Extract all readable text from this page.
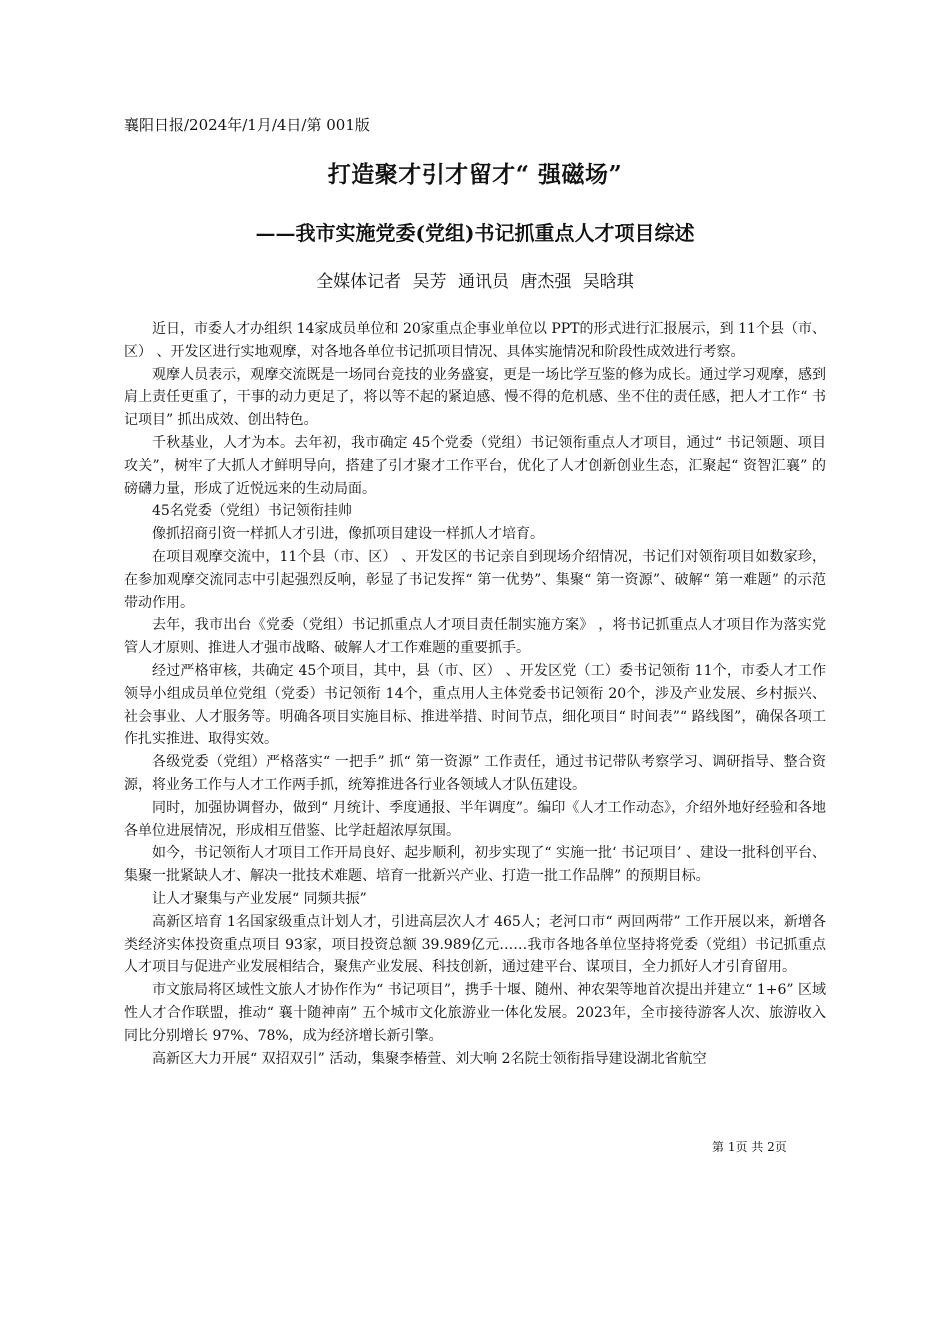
襄阳日报/2024年/1月/4日/第 001版
打造聚才引才留才“ 强磁场”
——我市实施党委(党组)书记抓重点人才项目综述
全媒体记者 吴芳 通讯员 唐杰强 吴晗琪

近日，市委人才办组织 14家成员单位和 20家重点企事业单位以 PPT的形式进行汇报展示，到 11个县（市、区） 、开发区进行实地观摩，对各地各单位书记抓项目情况、具体实施情况和阶段性成效进行考察。

观摩人员表示，观摩交流既是一场同台竞技的业务盛宴，更是一场比学互鉴的修为成长。通过学习观摩，感到肩上责任更重了，干事的动力更足了，将以等不起的紧迫感、慢不得的危机感、坐不住的责任感，把人才工作“ 书记项目” 抓出成效、创出特色。

千秋基业，人才为本。去年初，我市确定 45个党委（党组）书记领衔重点人才项目，通过“ 书记领题、项目攻关”，树牢了大抓人才鲜明导向，搭建了引才聚才工作平台，优化了人才创新创业生态，汇聚起“ 资智汇襄” 的磅礴力量，形成了近悦远来的生动局面。

45名党委（党组）书记领衔挂帅

像抓招商引资一样抓人才引进，像抓项目建设一样抓人才培育。

在项目观摩交流中，11个县（市、区） 、开发区的书记亲自到现场介绍情况，书记们对领衔项目如数家珍，在参加观摩交流同志中引起强烈反响，彰显了书记发挥“ 第一优势”、集聚“ 第一资源”、破解“ 第一难题” 的示范带动作用。

去年，我市出台《党委（党组）书记抓重点人才项目责任制实施方案》 ，将书记抓重点人才项目作为落实党管人才原则、推进人才强市战略、破解人才工作难题的重要抓手。

经过严格审核，共确定 45个项目，其中，县（市、区） 、开发区党（工）委书记领衔 11个，市委人才工作领导小组成员单位党组（党委）书记领衔 14个，重点用人主体党委书记领衔 20个，涉及产业发展、乡村振兴、社会事业、人才服务等。明确各项目实施目标、推进举措、时间节点，细化项目“ 时间表”“ 路线图”，确保各项工作扎实推进、取得实效。

各级党委（党组）严格落实“ 一把手” 抓“ 第一资源” 工作责任，通过书记带队考察学习、调研指导、整合资源，将业务工作与人才工作两手抓，统筹推进各行业各领域人才队伍建设。

同时，加强协调督办，做到“ 月统计、季度通报、半年调度”。编印《人才工作动态》，介绍外地好经验和各地各单位进展情况，形成相互借鉴、比学赶超浓厚氛围。

如今，书记领衔人才项目工作开局良好、起步顺利，初步实现了“ 实施一批‘ 书记项目’ 、建设一批科创平台、集聚一批紧缺人才、解决一批技术难题、培育一批新兴产业、打造一批工作品牌” 的预期目标。

让人才聚集与产业发展“ 同频共振”

高新区培育 1名国家级重点计划人才，引进高层次人才 465人；老河口市“ 两回两带” 工作开展以来，新增各类经济实体投资重点项目 93家，项目投资总额 39.989亿元……我市各地各单位坚持将党委（党组）书记抓重点人才项目与促进产业发展相结合，聚焦产业发展、科技创新，通过建平台、谋项目，全力抓好人才引育留用。

市文旅局将区域性文旅人才协作作为“ 书记项目”，携手十堰、随州、神农架等地首次提出并建立“ 1+6” 区域性人才合作联盟，推动“ 襄十随神南” 五个城市文化旅游业一体化发展。2023年，全市接待游客人次、旅游收入同比分别增长 97%、78%，成为经济增长新引擎。

高新区大力开展“ 双招双引” 活动，集聚李椿萱、刘大响 2名院士领衔指导建设湖北省航空

第 1页 共 2页
